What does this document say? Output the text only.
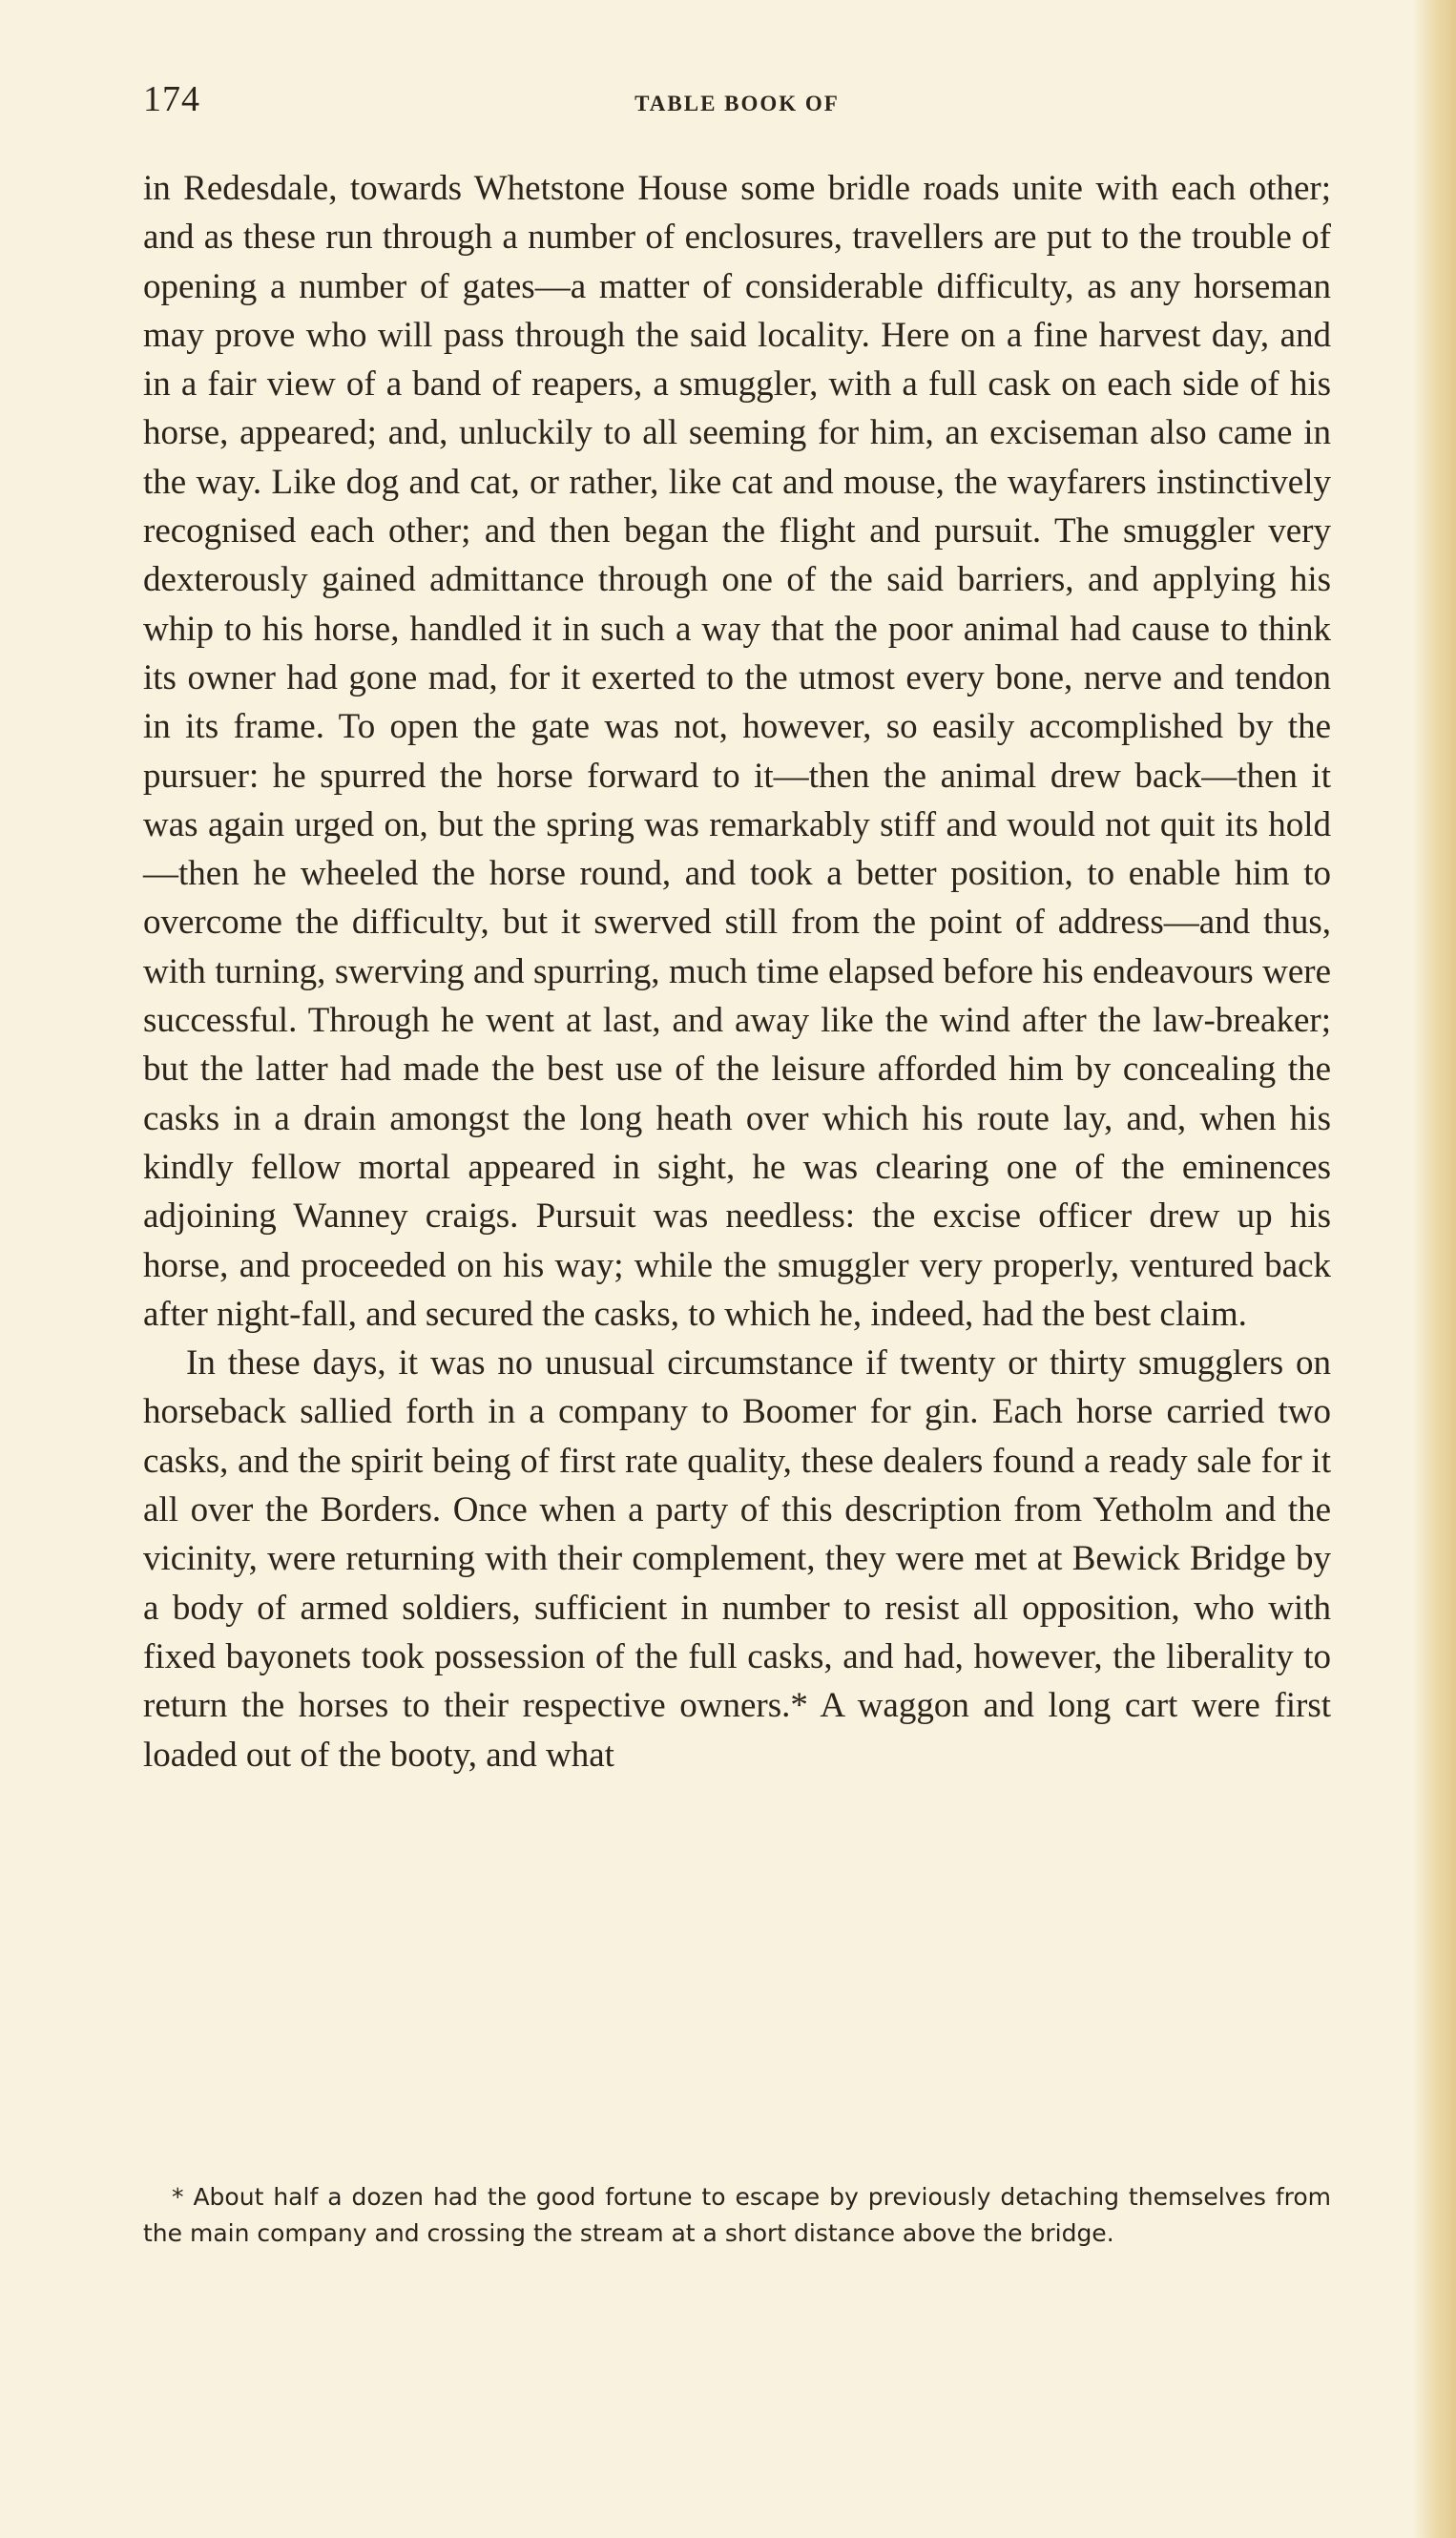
174	TABLE BOOK OF

in Redesdale, towards Whetstone House some bridle roads unite with each other; and as these run through a number of enclosures, travellers are put to the trouble of opening a number of gates—a matter of considerable difficulty, as any horseman may prove who will pass through the said locality. Here on a fine harvest day, and in a fair view of a band of reapers, a smuggler, with a full cask on each side of his horse, appeared; and, unluckily to all seeming for him, an exciseman also came in the way. Like dog and cat, or rather, like cat and mouse, the wayfarers instinctively recognised each other; and then began the flight and pursuit. The smuggler very dexterously gained admittance through one of the said barriers, and applying his whip to his horse, handled it in such a way that the poor animal had cause to think its owner had gone mad, for it exerted to the utmost every bone, nerve and tendon in its frame. To open the gate was not, however, so easily accomplished by the pursuer: he spurred the horse forward to it—then the animal drew back—then it was again urged on, but the spring was remarkably stiff and would not quit its hold—then he wheeled the horse round, and took a better position, to enable him to overcome the difficulty, but it swerved still from the point of address—and thus, with turning, swerving and spurring, much time elapsed before his endeavours were successful. Through he went at last, and away like the wind after the law-breaker; but the latter had made the best use of the leisure afforded him by concealing the casks in a drain amongst the long heath over which his route lay, and, when his kindly fellow mortal appeared in sight, he was clearing one of the eminences adjoining Wanney craigs. Pursuit was needless: the excise officer drew up his horse, and proceeded on his way; while the smuggler very properly, ventured back after night-fall, and secured the casks, to which he, indeed, had the best claim.

In these days, it was no unusual circumstance if twenty or thirty smugglers on horseback sallied forth in a company to Boomer for gin. Each horse carried two casks, and the spirit being of first rate quality, these dealers found a ready sale for it all over the Borders. Once when a party of this description from Yetholm and the vicinity, were returning with their complement, they were met at Bewick Bridge by a body of armed soldiers, sufficient in number to resist all opposition, who with fixed bayonets took possession of the full casks, and had, however, the liberality to return the horses to their respective owners.* A waggon and long cart were first loaded out of the booty, and what

* About half a dozen had the good fortune to escape by previously detaching themselves from the main company and crossing the stream at a short distance above the bridge.
